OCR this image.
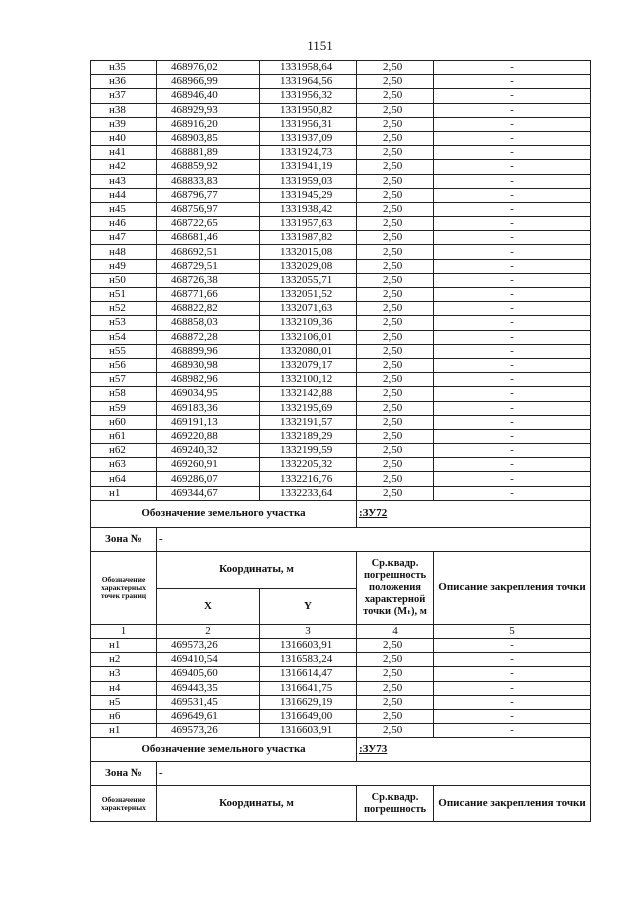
1151
н35	468976,02	1331958,64	2,50	-
н36	468966,99	1331964,56	2,50	-
н37	468946,40	1331956,32	2,50	-
н38	468929,93	1331950,82	2,50	-
н39	468916,20	1331956,31	2,50	-
н40	468903,85	1331937,09	2,50	-
н41	468881,89	1331924,73	2,50	-
н42	468859,92	1331941,19	2,50	-
н43	468833,83	1331959,03	2,50	-
н44	468796,77	1331945,29	2,50	-
н45	468756,97	1331938,42	2,50	-
н46	468722,65	1331957,63	2,50	-
н47	468681,46	1331987,82	2,50	-
н48	468692,51	1332015,08	2,50	-
н49	468729,51	1332029,08	2,50	-
н50	468726,38	1332055,71	2,50	-
н51	468771,66	1332051,52	2,50	-
н52	468822,82	1332071,63	2,50	-
н53	468858,03	1332109,36	2,50	-
н54	468872,28	1332106,01	2,50	-
н55	468899,96	1332080,01	2,50	-
н56	468930,98	1332079,17	2,50	-
н57	468982,96	1332100,12	2,50	-
н58	469034,95	1332142,88	2,50	-
н59	469183,36	1332195,69	2,50	-
н60	469191,13	1332191,57	2,50	-
н61	469220,88	1332189,29	2,50	-
н62	469240,32	1332199,59	2,50	-
н63	469260,91	1332205,32	2,50	-
н64	469286,07	1332216,76	2,50	-
н1	469344,67	1332233,64	2,50	-
Обозначение земельного участка			:ЗУ72	
Зона №	-			
Обозначение характерных точек границ	Координаты, м		Ср.квадр. погрешность положения характерной точки (Mₜ), м	Описание закрепления точки
	X	Y		
1	2	3	4	5
н1	469573,26	1316603,91	2,50	-
н2	469410,54	1316583,24	2,50	-
н3	469405,60	1316614,47	2,50	-
н4	469443,35	1316641,75	2,50	-
н5	469531,45	1316629,19	2,50	-
н6	469649,61	1316649,00	2,50	-
н1	469573,26	1316603,91	2,50	-
Обозначение земельного участка			:ЗУ73	
Зона №	-			
Обозначение характерных	Координаты, м		Ср.квадр. погрешность	Описание закрепления точки
